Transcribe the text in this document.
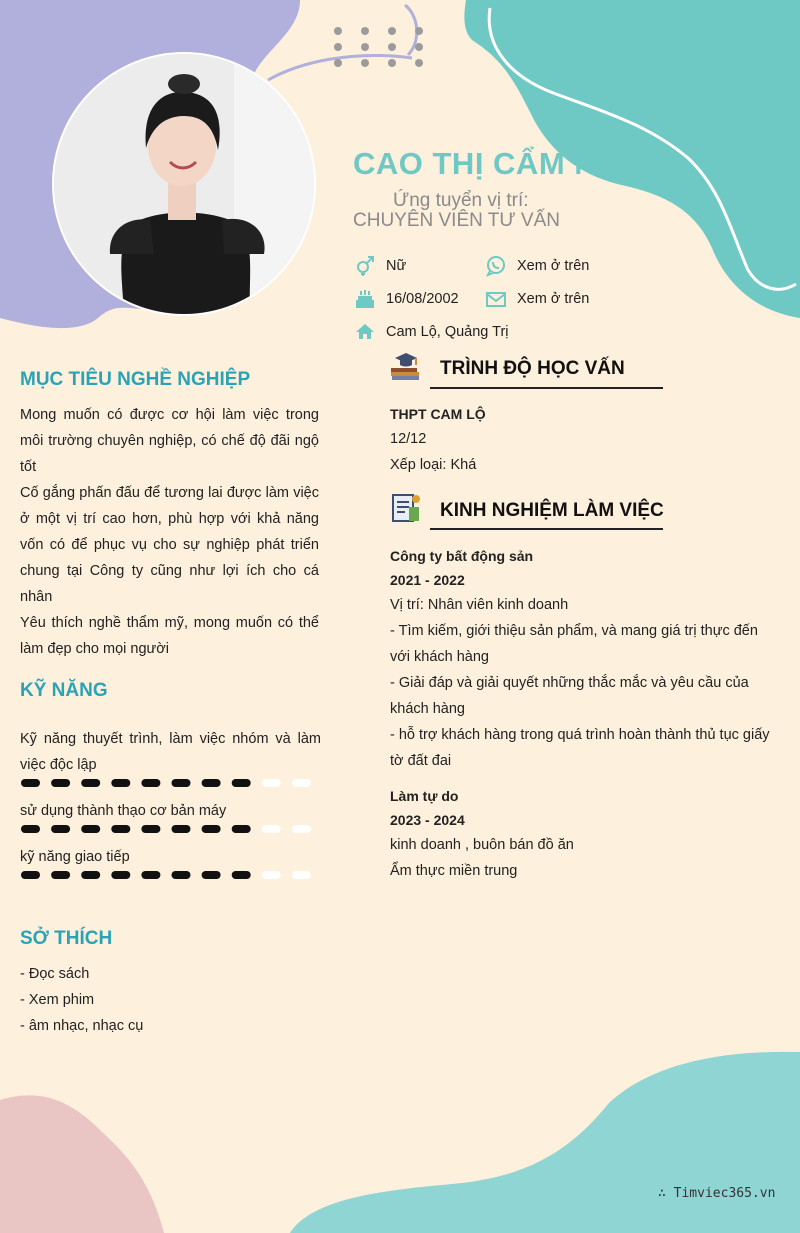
CAO THỊ CẨM NHI
Ứng tuyển vị trí:
CHUYÊN VIÊN TƯ VẤN
Nữ	Xem ở trên
16/08/2002	Xem ở trên
Cam Lộ, Quảng Trị
MỤC TIÊU NGHỀ NGHIỆP

Mong muốn có được cơ hội làm việc trong môi trường chuyên nghiệp, có chế độ đãi ngộ tốt

Cố gắng phấn đấu để tương lai được làm việc ở một vị trí cao hơn, phù hợp với khả năng vốn có để phục vụ cho sự nghiệp phát triển chung tại Công ty cũng như lợi ích cho cá nhân

Yêu thích nghề thẩm mỹ, mong muốn có thể làm đẹp cho mọi người

KỸ NĂNG
Kỹ năng thuyết trình, làm việc nhóm và làm việc độc lập
sử dụng thành thạo cơ bản máy
kỹ năng giao tiếp
SỞ THÍCH
- Đọc sách
- Xem phim
- âm nhạc, nhạc cụ
TRÌNH ĐỘ HỌC VẤN
THPT CAM LỘ
12/12
Xếp loại: Khá
KINH NGHIỆM LÀM VIỆC
Công ty bất động sản
2021 - 2022

Vị trí: Nhân viên kinh doanh

- Tìm kiếm, giới thiệu sản phẩm, và mang giá trị thực đến với khách hàng

- Giải đáp và giải quyết những thắc mắc và yêu cầu của khách hàng

- hỗ trợ khách hàng trong quá trình hoàn thành thủ tục giấy tờ đất đai

Làm tự do
2023 - 2024

kinh doanh , buôn bán đồ ăn

Ẩm thực miền trung

∴ Timviec365.vn
